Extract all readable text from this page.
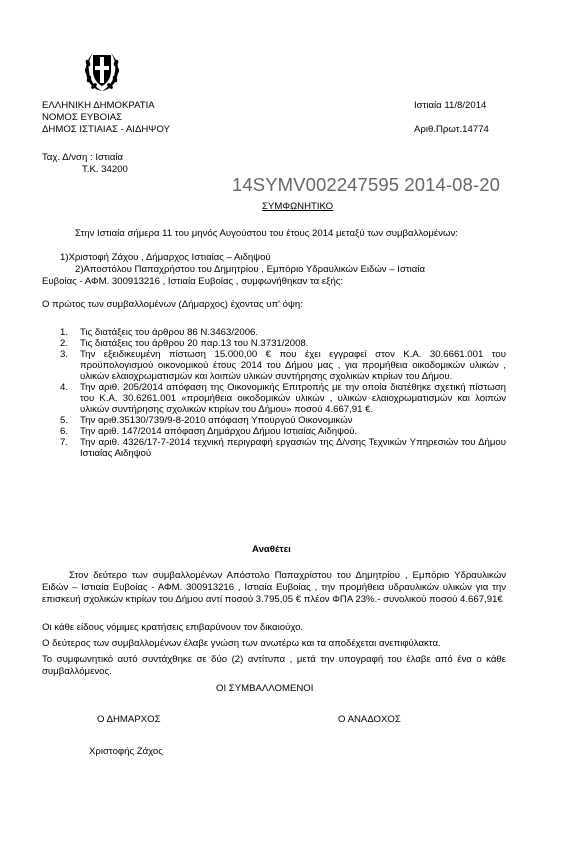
ΕΛΛΗΝΙΚΗ ΔΗΜΟΚΡΑΤΙΑ
ΝΟΜΟΣ ΕΥΒΟΙΑΣ
ΔΗΜΟΣ ΙΣΤΙΑΙΑΣ - ΑΙΔΗΨΟΥ
Ιστιαία 11/8/2014
Αριθ.Πρωτ.14774
Ταχ. Δ/νση : Ιστιαία
Τ.Κ. 34200
14SYMV002247595 2014-08-20
ΣΥΜΦΩΝΗΤΙΚΟ
Στην Ιστιαία σήμερα 11 του μηνός Αυγούστου του έτους 2014 μεταξύ των συμβαλλομένων:
1)Χριστοφή Ζάχου , Δήμαρχος Ιστιαίας – Αιδηψού
2)Αποστόλου Παπαχρήστου του Δημητρίου , Εμπόριο Υδραυλικών Ειδών – Ιστιαία
Ευβοίας - ΑΦΜ. 300913216 , Ιστιαία Ευβοίας , συμφωνήθηκαν τα εξής:
Ο πρώτος των συμβαλλομένων (Δήμαρχος) έχοντας υπ' όψη:

1. Τις διατάξεις του άρθρου 86 Ν.3463/2006.

2. Τις διατάξεις του άρθρου 20 παρ.13 του Ν.3731/2008.

3. Την εξειδικευμένη πίστωση 15.000,00 € που έχει εγγραφεί στον Κ.Α. 30.6661.001 του προϋπολογισμού οικονομικού έτους 2014 του Δήμου μας , για προμήθεια οικοδομικών υλικών , υλικών ελαιοχρωματισμών και λοιπών υλικών συντήρησης σχολικών κτιρίων του Δήμου.

4. Την αριθ. 205/2014 απόφαση της Οικονομικής Επιτροπής με την οποία διατέθηκε σχετική πίστωση του Κ.Α. 30.6261.001 «προμήθεια οικοδομικών υλικών , υλικών ελαιοχρωματισμών και λοιπών υλικών συντήρησης σχολικών κτιρίων του Δήμου» ποσού 4.667,91 €.

5. Την αριθ.35130/739/9-8-2010 απόφαση Υπουργού Οικονομικών

6. Την αριθ. 147/2014 απόφαση Δημάρχου Δήμου Ιστιαίας Αιδηψού.

7. Την αριθ. 4326/17-7-2014 τεχνική περιγραφή εργασιών της Δ/νσης Τεχνικών Υπηρεσιών του Δήμου Ιστιαίας Αιδηψού

Αναθέτει
Στον δεύτερο των συμβαλλομένων Απόστολο Παπαχρίστου του Δημητρίου , Εμπόριο Υδραυλικών Ειδών – Ιστιαία Ευβοίας - ΑΦΜ. 300913216 , Ιστιαία Ευβοίας , την προμήθεια υδραυλικών υλικών για την επισκευή σχολικών κτιρίων του Δήμου αντί ποσού 3.795,05 € πλέον ΦΠΑ 23%.- συνολικού ποσού 4.667,91€
Οι κάθε είδους νόμιμες κρατήσεις επιβαρύνουν τον δικαιούχο.
Ο δεύτερος των συμβαλλομένων έλαβε γνώση των ανωτέρω και τα αποδέχεται ανεπιφύλακτα.
Το συμφωνητικό αυτό συντάχθηκε σε δύο (2) αντίτυπα , μετά την υπογραφή του έλαβε από ένα ο κάθε συμβαλλόμενος.
ΟΙ ΣΥΜΒΑΛΛΟΜΕΝΟΙ
Ο ΔΗΜΑΡΧΟΣ	Ο ΑΝΑΔΟΧΟΣ
Χριστοφής Ζάχος
